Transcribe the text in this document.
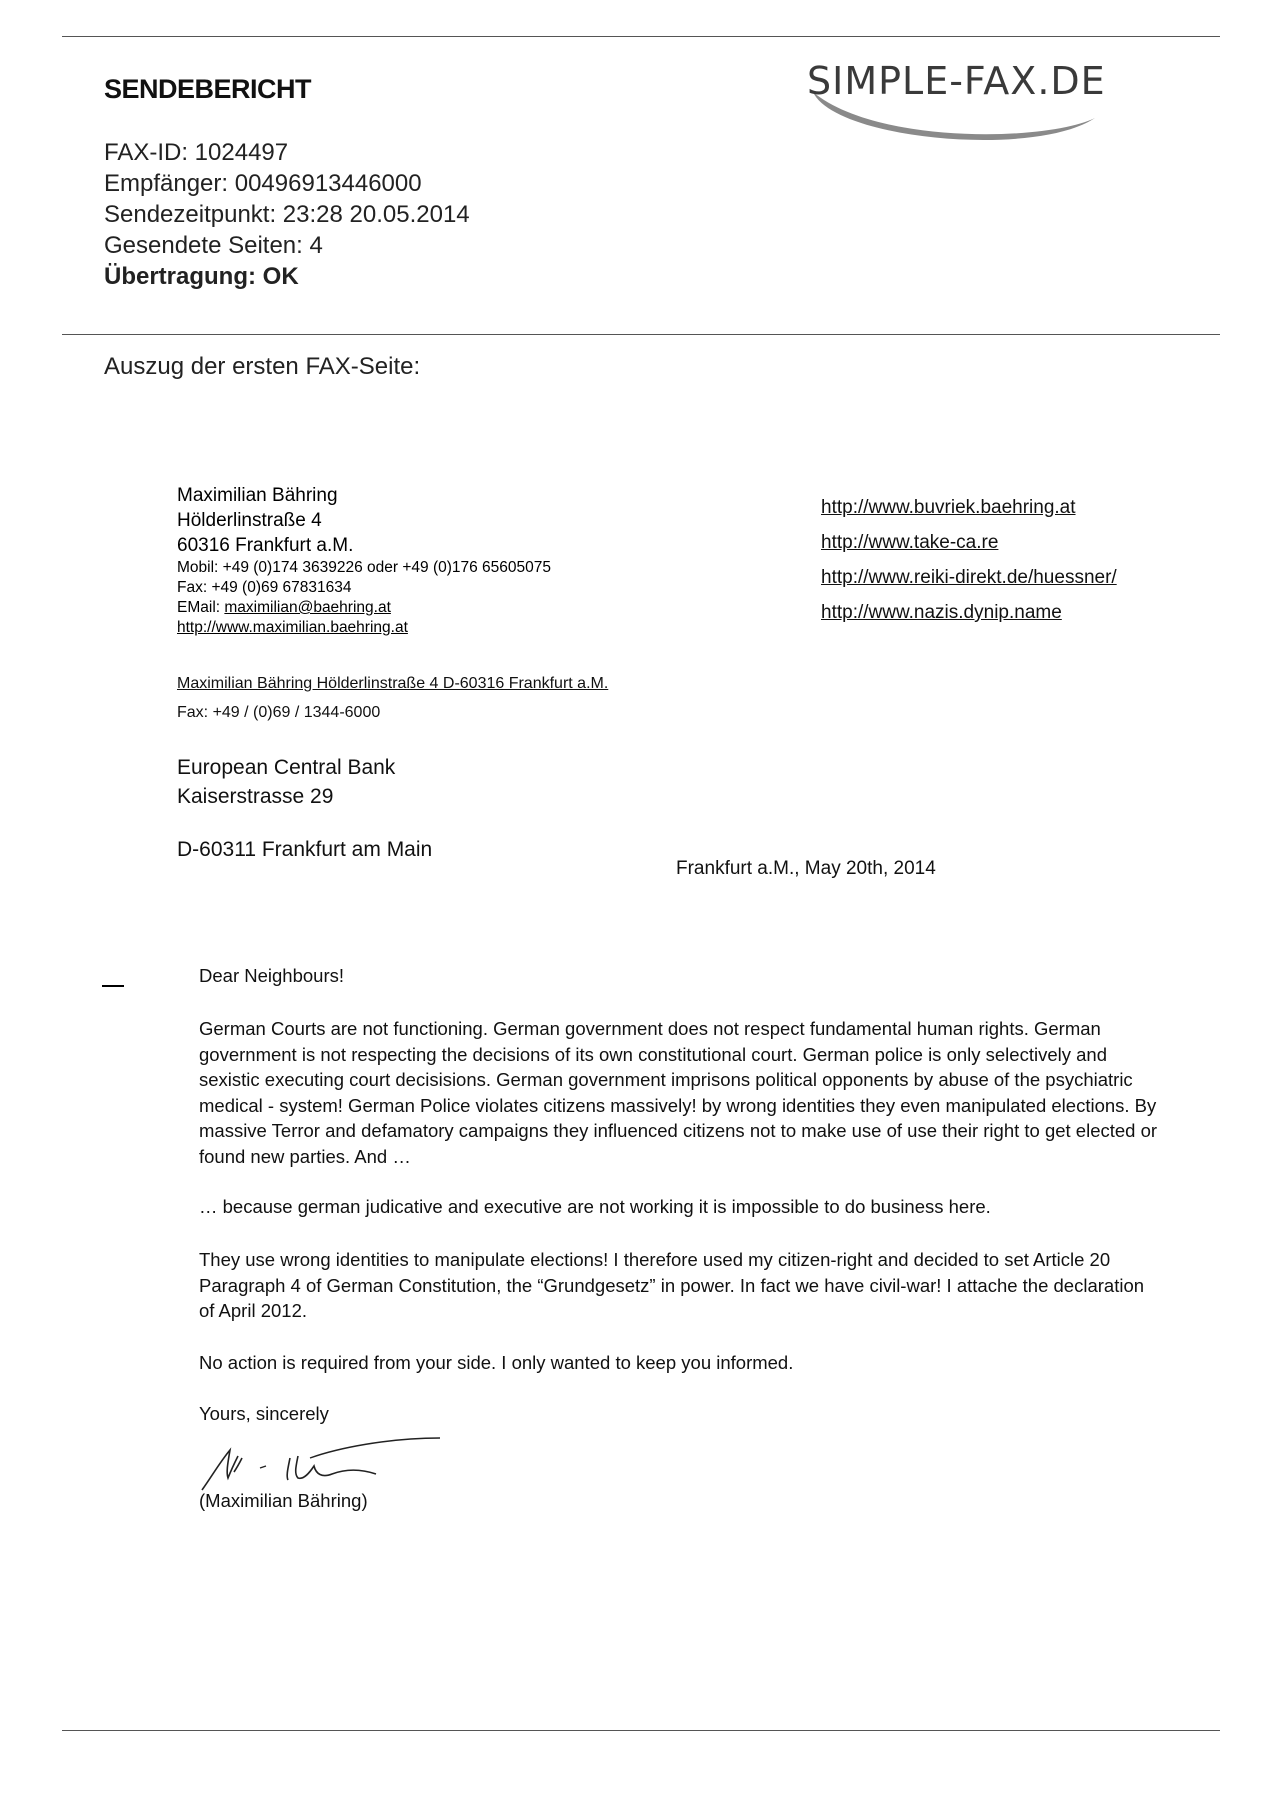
SENDEBERICHT
FAX-ID: 1024497
Empfänger: 00496913446000
Sendezeitpunkt: 23:28 20.05.2014
Gesendete Seiten: 4
Übertragung: OK
SIMPLE-FAX.DE
Auszug der ersten FAX-Seite:
Maximilian Bähring
Hölderlinstraße 4
60316 Frankfurt a.M.
Mobil: +49 (0)174 3639226 oder +49 (0)176 65605075
Fax: +49 (0)69 67831634
EMail: maximilian@baehring.at
http://www.maximilian.baehring.at
http://www.buvriek.baehring.at
http://www.take-ca.re
http://www.reiki-direkt.de/huessner/
http://www.nazis.dynip.name
Maximilian Bähring Hölderlinstraße 4 D-60316 Frankfurt a.M.
Fax: +49 / (0)69 / 1344-6000
European Central Bank
Kaiserstrasse 29
D-60311 Frankfurt am Main
Frankfurt a.M., May 20th, 2014
Dear Neighbours!

German Courts are not functioning. German government does not respect fundamental human rights. German government is not respecting the decisions of its own constitutional court. German police is only selectively and sexistic executing court decisisions. German government imprisons political opponents by abuse of the psychiatric medical - system! German Police violates citizens massively! by wrong identities they even manipulated elections. By massive Terror and defamatory campaigns they influenced citizens not to make use of use their right to get elected or found new parties. And …

… because german judicative and executive are not working it is impossible to do business here.

They use wrong identities to manipulate elections! I therefore used my citizen-right and decided to set Article 20 Paragraph 4 of German Constitution, the “Grundgesetz” in power. In fact we have civil-war! I attache the declaration of April 2012.

No action is required from your side. I only wanted to keep you informed.

Yours, sincerely
(Maximilian Bähring)
